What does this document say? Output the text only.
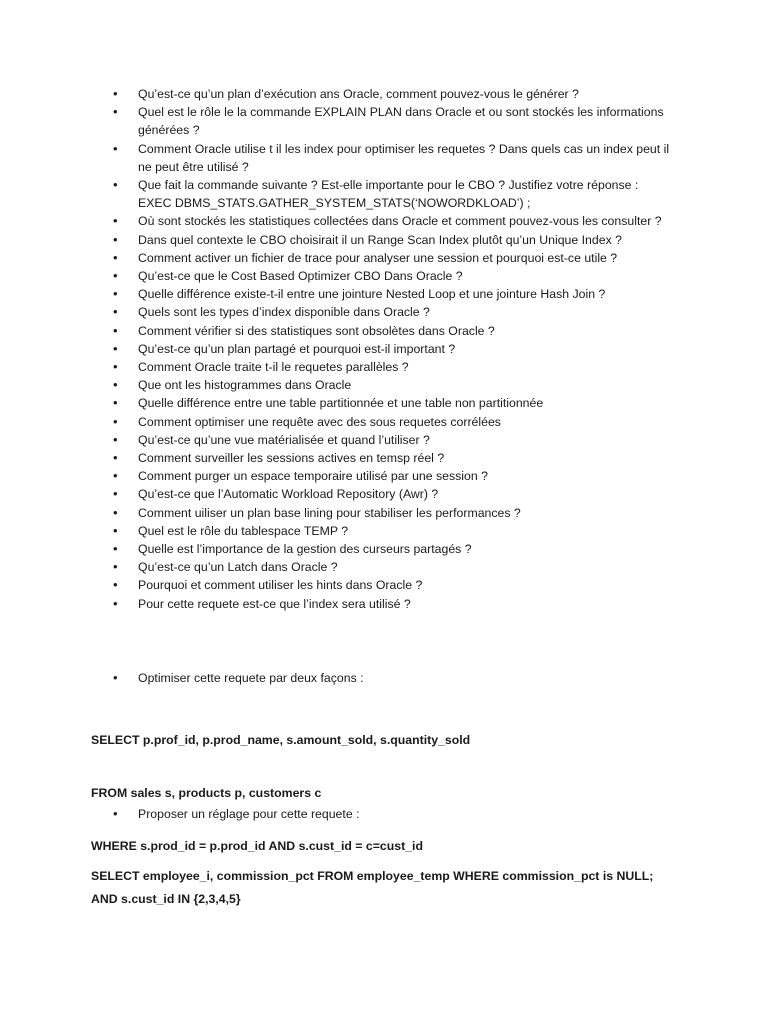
• Qu’est-ce qu’un plan d’exécution ans Oracle, comment pouvez-vous le générer ?
• Quel est le rôle le la commande EXPLAIN PLAN dans Oracle et ou sont stockés les informations générées ?
• Comment Oracle utilise t il les index pour optimiser les requetes ? Dans quels cas un index peut il ne peut être utilisé ?
• Que fait la commande suivante ? Est-elle importante pour le CBO ? Justifiez votre réponse : EXEC DBMS_STATS.GATHER_SYSTEM_STATS(‘NOWORDKLOAD’) ;
• Où sont stockés les statistiques collectées dans Oracle et comment pouvez-vous les consulter ?
• Dans quel contexte le CBO choisirait il un Range Scan Index plutôt qu’un Unique Index ?
• Comment activer un fichier de trace pour analyser une session et pourquoi est-ce utile ?
• Qu’est-ce que le Cost Based Optimizer CBO Dans Oracle ?
• Quelle différence existe-t-il entre une jointure Nested Loop et une jointure Hash Join ?
• Quels sont les types d’index disponible dans Oracle ?
• Comment vérifier si des statistiques sont obsolètes dans Oracle ?
• Qu’est-ce qu’un plan partagé et pourquoi est-il important ?
• Comment Oracle traite t-il le requetes parallèles ?
• Que ont les histogrammes dans Oracle
• Quelle différence entre une table partitionnée et une table non partitionnée
• Comment optimiser une requête avec des sous requetes corrélées
• Qu’est-ce qu’une vue matérialisée et quand l’utiliser ?
• Comment surveiller les sessions actives en temsp réel ?
• Comment purger un espace temporaire utilisé par une session ?
• Qu’est-ce que l’Automatic Workload Repository (Awr) ?
• Comment uiliser un plan base lining pour stabiliser les performances ?
• Quel est le rôle du tablespace TEMP ?
• Quelle est l’importance de la gestion des curseurs partagés ?
• Qu’est-ce qu’un Latch dans Oracle ?
• Pourquoi et comment utiliser les hints dans Oracle ?
• Pour cette requete est-ce que l’index sera utilisé ?
• Optimiser cette requete par deux façons :

SELECT p.prof_id, p.prod_name, s.amount_sold, s.quantity_sold

FROM sales s, products p, customers c

WHERE s.prod_id = p.prod_id AND s.cust_id = c=cust_id

AND s.cust_id IN {2,3,4,5}

• Proposer un réglage pour cette requete :

SELECT employee_i, commission_pct FROM employee_temp WHERE commission_pct is NULL;
